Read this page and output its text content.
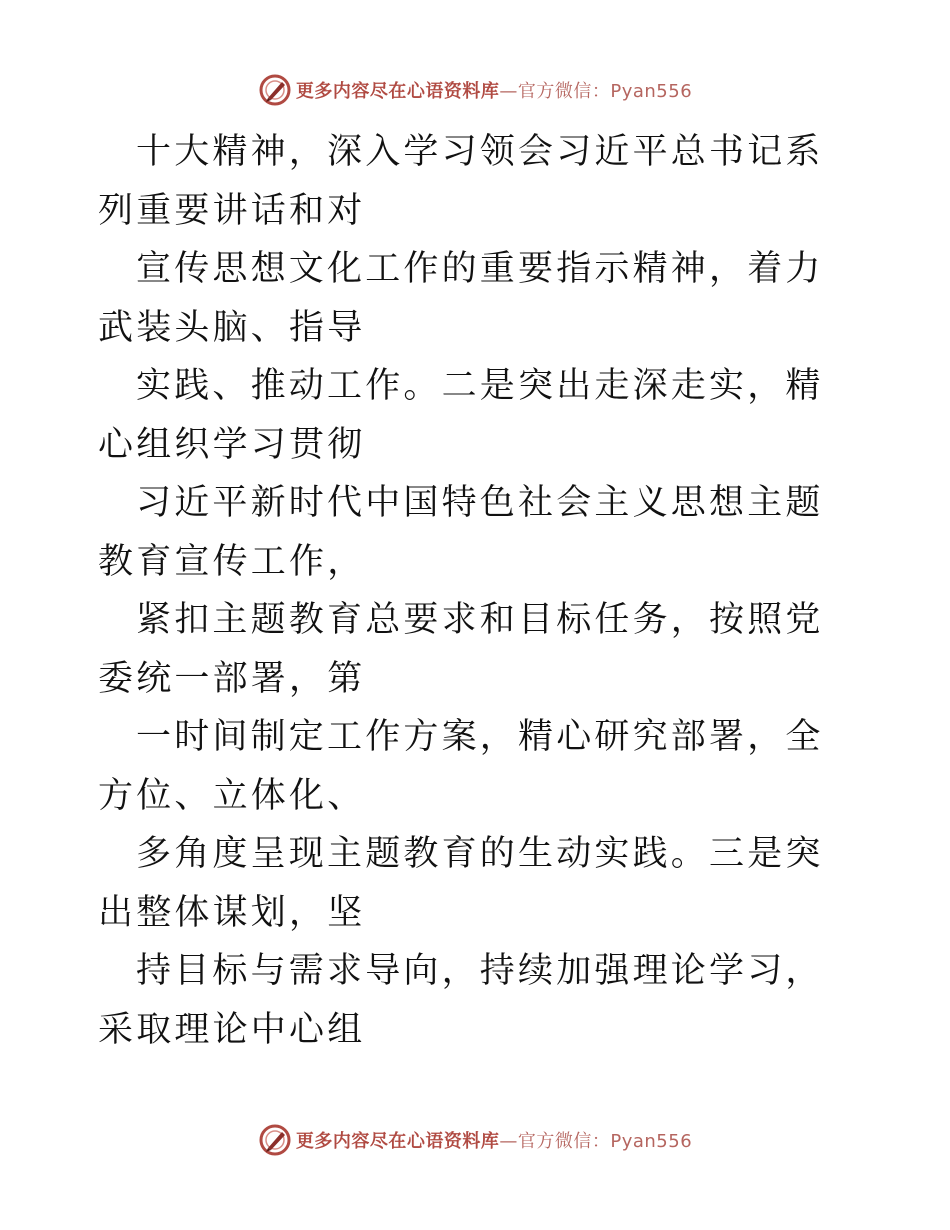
更多内容尽在心语资料库—官方微信：Pyan556

十大精神，深入学习领会习近平总书记系列重要讲话和对

宣传思想文化工作的重要指示精神，着力武装头脑、指导

实践、推动工作。二是突出走深走实，精心组织学习贯彻

习近平新时代中国特色社会主义思想主题教育宣传工作，

紧扣主题教育总要求和目标任务，按照党委统一部署，第

一时间制定工作方案，精心研究部署，全方位、立体化、

多角度呈现主题教育的生动实践。三是突出整体谋划，坚

持目标与需求导向，持续加强理论学习，采取理论中心组

更多内容尽在心语资料库—官方微信：Pyan556
